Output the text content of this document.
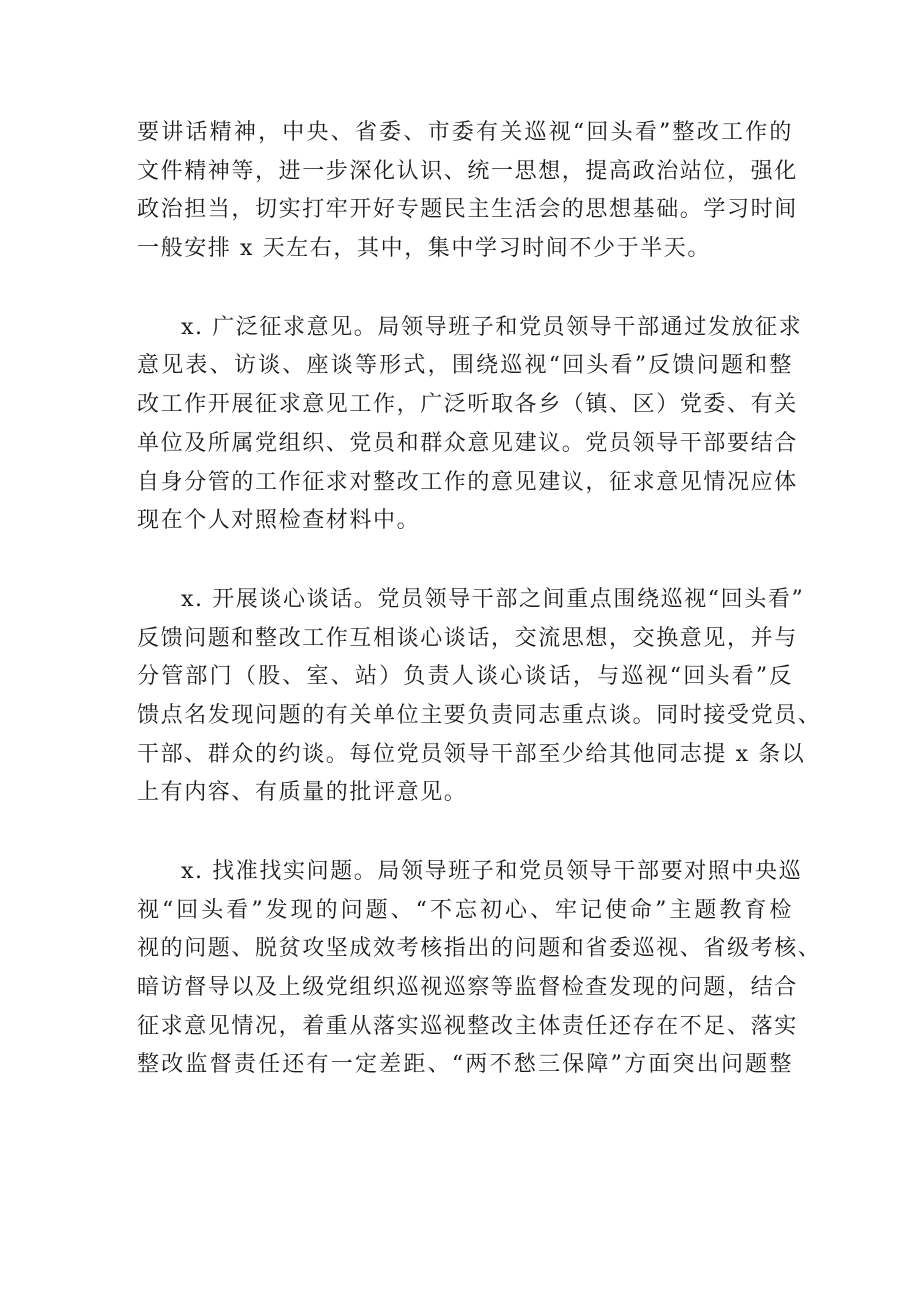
要讲话精神，中央、省委、市委有关巡视“回头看”整改工作的
文件精神等，进一步深化认识、统一思想，提高政治站位，强化
政治担当，切实打牢开好专题民主生活会的思想基础。学习时间
一般安排 x 天左右，其中，集中学习时间不少于半天。
x. 广泛征求意见。局领导班子和党员领导干部通过发放征求
意见表、访谈、座谈等形式，围绕巡视“回头看”反馈问题和整
改工作开展征求意见工作，广泛听取各乡（镇、区）党委、有关
单位及所属党组织、党员和群众意见建议。党员领导干部要结合
自身分管的工作征求对整改工作的意见建议，征求意见情况应体
现在个人对照检查材料中。
x. 开展谈心谈话。党员领导干部之间重点围绕巡视“回头看”
反馈问题和整改工作互相谈心谈话，交流思想，交换意见，并与
分管部门（股、室、站）负责人谈心谈话，与巡视“回头看”反
馈点名发现问题的有关单位主要负责同志重点谈。同时接受党员、
干部、群众的约谈。每位党员领导干部至少给其他同志提 x 条以
上有内容、有质量的批评意见。
x. 找准找实问题。局领导班子和党员领导干部要对照中央巡
视“回头看”发现的问题、“不忘初心、牢记使命”主题教育检
视的问题、脱贫攻坚成效考核指出的问题和省委巡视、省级考核、
暗访督导以及上级党组织巡视巡察等监督检查发现的问题，结合
征求意见情况，着重从落实巡视整改主体责任还存在不足、落实
整改监督责任还有一定差距、“两不愁三保障”方面突出问题整
